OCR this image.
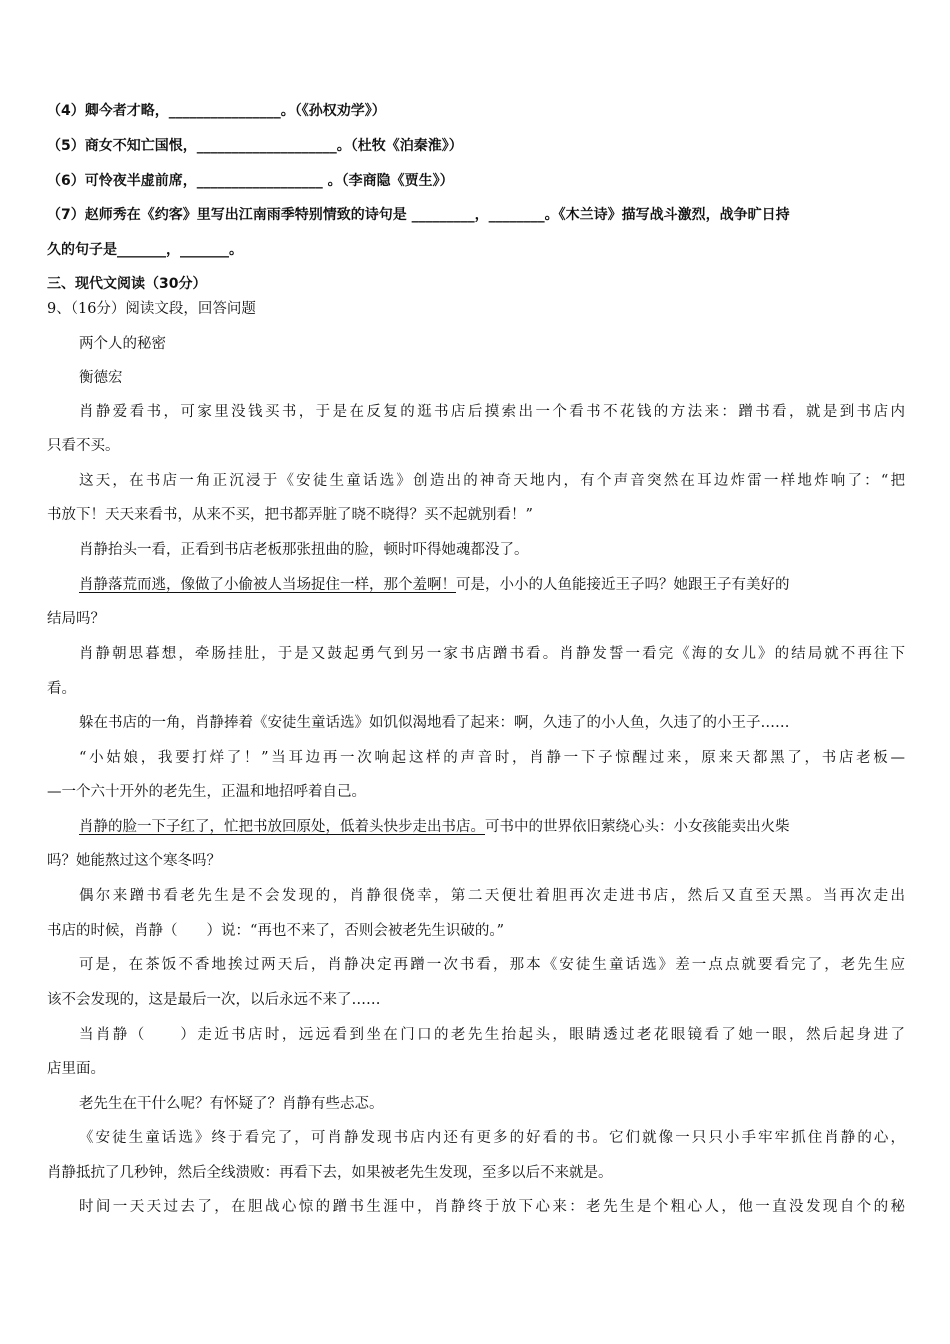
（4）卿今者才略，________________。（《孙权劝学》）
（5）商女不知亡国恨，____________________。（杜牧《泊秦淮》）
（6）可怜夜半虚前席，__________________ 。（李商隐《贾生》）
（7）赵师秀在《约客》里写出江南雨季特别情致的诗句是 _________，________。《木兰诗》描写战斗激烈，战争旷日持
久的句子是_______，_______。
三、现代文阅读（30分）
9、（16分）阅读文段，回答问题
两个人的秘密
衡德宏
肖静爱看书，可家里没钱买书，于是在反复的逛书店后摸索出一个看书不花钱的方法来：蹭书看，就是到书店内
只看不买。
这天，在书店一角正沉浸于《安徒生童话选》创造出的神奇天地内，有个声音突然在耳边炸雷一样地炸响了：“把
书放下！天天来看书，从来不买，把书都弄脏了晓不晓得？买不起就别看！”
肖静抬头一看，正看到书店老板那张扭曲的脸，顿时吓得她魂都没了。
肖静落荒而逃，像做了小偷被人当场捉住一样，那个羞啊！可是，小小的人鱼能接近王子吗？她跟王子有美好的
结局吗？
肖静朝思暮想，牵肠挂肚，于是又鼓起勇气到另一家书店蹭书看。肖静发誓一看完《海的女儿》的结局就不再往下
看。
躲在书店的一角，肖静捧着《安徒生童话选》如饥似渴地看了起来：啊，久违了的小人鱼，久违了的小王子……
“小姑娘，我要打烊了！”当耳边再一次响起这样的声音时，肖静一下子惊醒过来，原来天都黑了，书店老板—
—一个六十开外的老先生，正温和地招呼着自己。
肖静的脸一下子红了，忙把书放回原处，低着头快步走出书店。可书中的世界依旧萦绕心头：小女孩能卖出火柴
吗？她能熬过这个寒冬吗？
偶尔来蹭书看老先生是不会发现的，肖静很侥幸，第二天便壮着胆再次走进书店，然后又直至天黑。当再次走出
书店的时候，肖静（　　）说：“再也不来了，否则会被老先生识破的。”
可是，在茶饭不香地挨过两天后，肖静决定再蹭一次书看，那本《安徒生童话选》差一点点就要看完了，老先生应
该不会发现的，这是最后一次，以后永远不来了……
当肖静（　　）走近书店时，远远看到坐在门口的老先生抬起头，眼睛透过老花眼镜看了她一眼，然后起身进了
店里面。
老先生在干什么呢？有怀疑了？肖静有些忐忑。
《安徒生童话选》终于看完了，可肖静发现书店内还有更多的好看的书。它们就像一只只小手牢牢抓住肖静的心，
肖静抵抗了几秒钟，然后全线溃败：再看下去，如果被老先生发现，至多以后不来就是。
时间一天天过去了，在胆战心惊的蹭书生涯中，肖静终于放下心来：老先生是个粗心人，他一直没发现自个的秘
